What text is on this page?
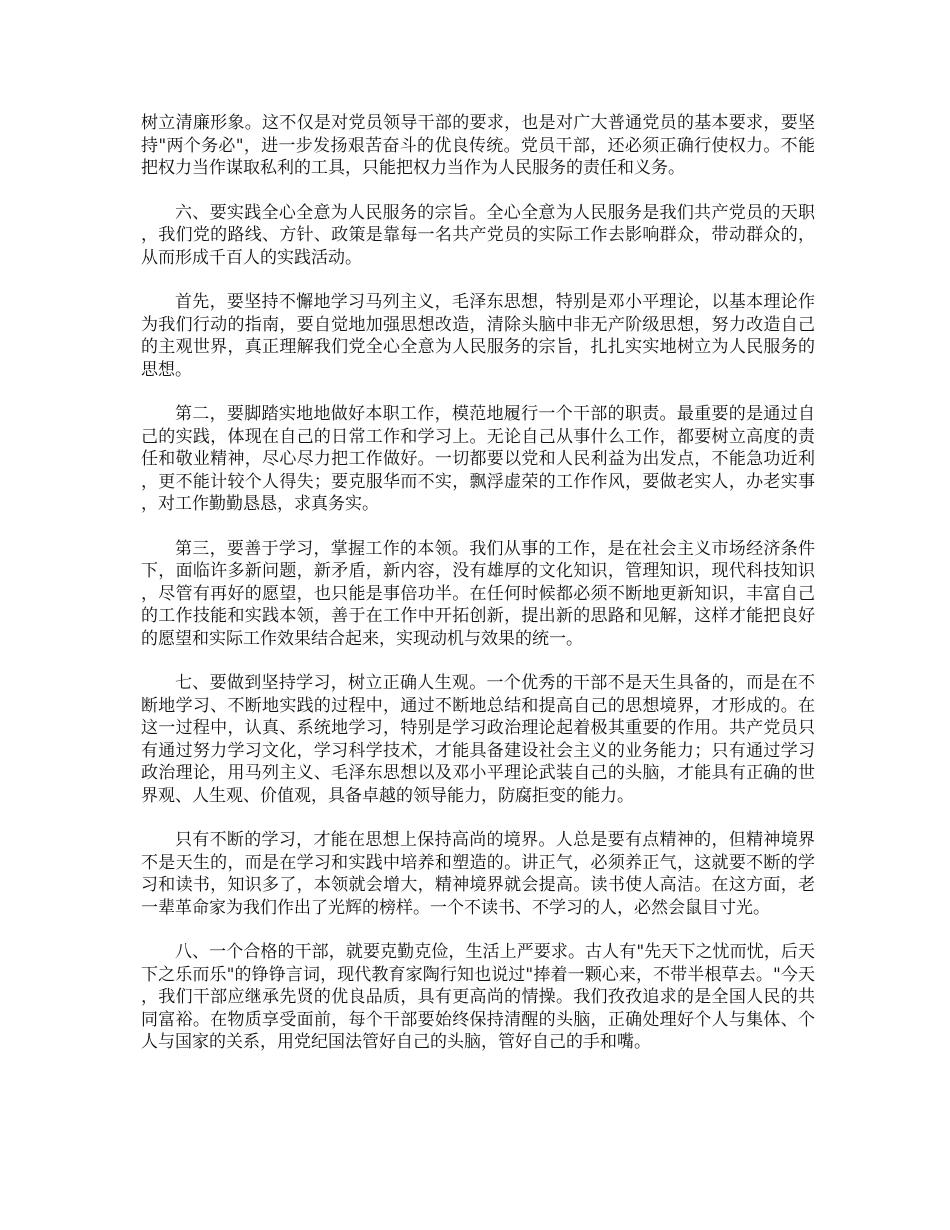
树立清廉形象。这不仅是对党员领导干部的要求，也是对广大普通党员的基本要求，要坚持"两个务必"，进一步发扬艰苦奋斗的优良传统。党员干部，还必须正确行使权力。不能把权力当作谋取私利的工具，只能把权力当作为人民服务的责任和义务。

六、要实践全心全意为人民服务的宗旨。全心全意为人民服务是我们共产党员的天职，我们党的路线、方针、政策是靠每一名共产党员的实际工作去影响群众，带动群众的，从而形成千百人的实践活动。

首先，要坚持不懈地学习马列主义，毛泽东思想，特别是邓小平理论，以基本理论作为我们行动的指南，要自觉地加强思想改造，清除头脑中非无产阶级思想，努力改造自己的主观世界，真正理解我们党全心全意为人民服务的宗旨，扎扎实实地树立为人民服务的思想。

第二，要脚踏实地地做好本职工作，模范地履行一个干部的职责。最重要的是通过自己的实践，体现在自己的日常工作和学习上。无论自己从事什么工作，都要树立高度的责任和敬业精神，尽心尽力把工作做好。一切都要以党和人民利益为出发点，不能急功近利，更不能计较个人得失；要克服华而不实，飘浮虚荣的工作作风，要做老实人，办老实事，对工作勤勤恳恳，求真务实。

第三，要善于学习，掌握工作的本领。我们从事的工作，是在社会主义市场经济条件下，面临许多新问题，新矛盾，新内容，没有雄厚的文化知识，管理知识，现代科技知识，尽管有再好的愿望，也只能是事倍功半。在任何时候都必须不断地更新知识，丰富自己的工作技能和实践本领，善于在工作中开拓创新，提出新的思路和见解，这样才能把良好的愿望和实际工作效果结合起来，实现动机与效果的统一。

七、要做到坚持学习，树立正确人生观。一个优秀的干部不是天生具备的，而是在不断地学习、不断地实践的过程中，通过不断地总结和提高自己的思想境界，才形成的。在这一过程中，认真、系统地学习，特别是学习政治理论起着极其重要的作用。共产党员只有通过努力学习文化，学习科学技术，才能具备建设社会主义的业务能力；只有通过学习政治理论，用马列主义、毛泽东思想以及邓小平理论武装自己的头脑，才能具有正确的世界观、人生观、价值观，具备卓越的领导能力，防腐拒变的能力。

只有不断的学习，才能在思想上保持高尚的境界。人总是要有点精神的，但精神境界不是天生的，而是在学习和实践中培养和塑造的。讲正气，必须养正气，这就要不断的学习和读书，知识多了，本领就会增大，精神境界就会提高。读书使人高洁。在这方面，老一辈革命家为我们作出了光辉的榜样。一个不读书、不学习的人，必然会鼠目寸光。

八、一个合格的干部，就要克勤克俭，生活上严要求。古人有"先天下之忧而忧，后天下之乐而乐"的铮铮言词，现代教育家陶行知也说过"捧着一颗心来，不带半根草去。"今天，我们干部应继承先贤的优良品质，具有更高尚的情操。我们孜孜追求的是全国人民的共同富裕。在物质享受面前，每个干部要始终保持清醒的头脑，正确处理好个人与集体、个人与国家的关系，用党纪国法管好自己的头脑，管好自己的手和嘴。
